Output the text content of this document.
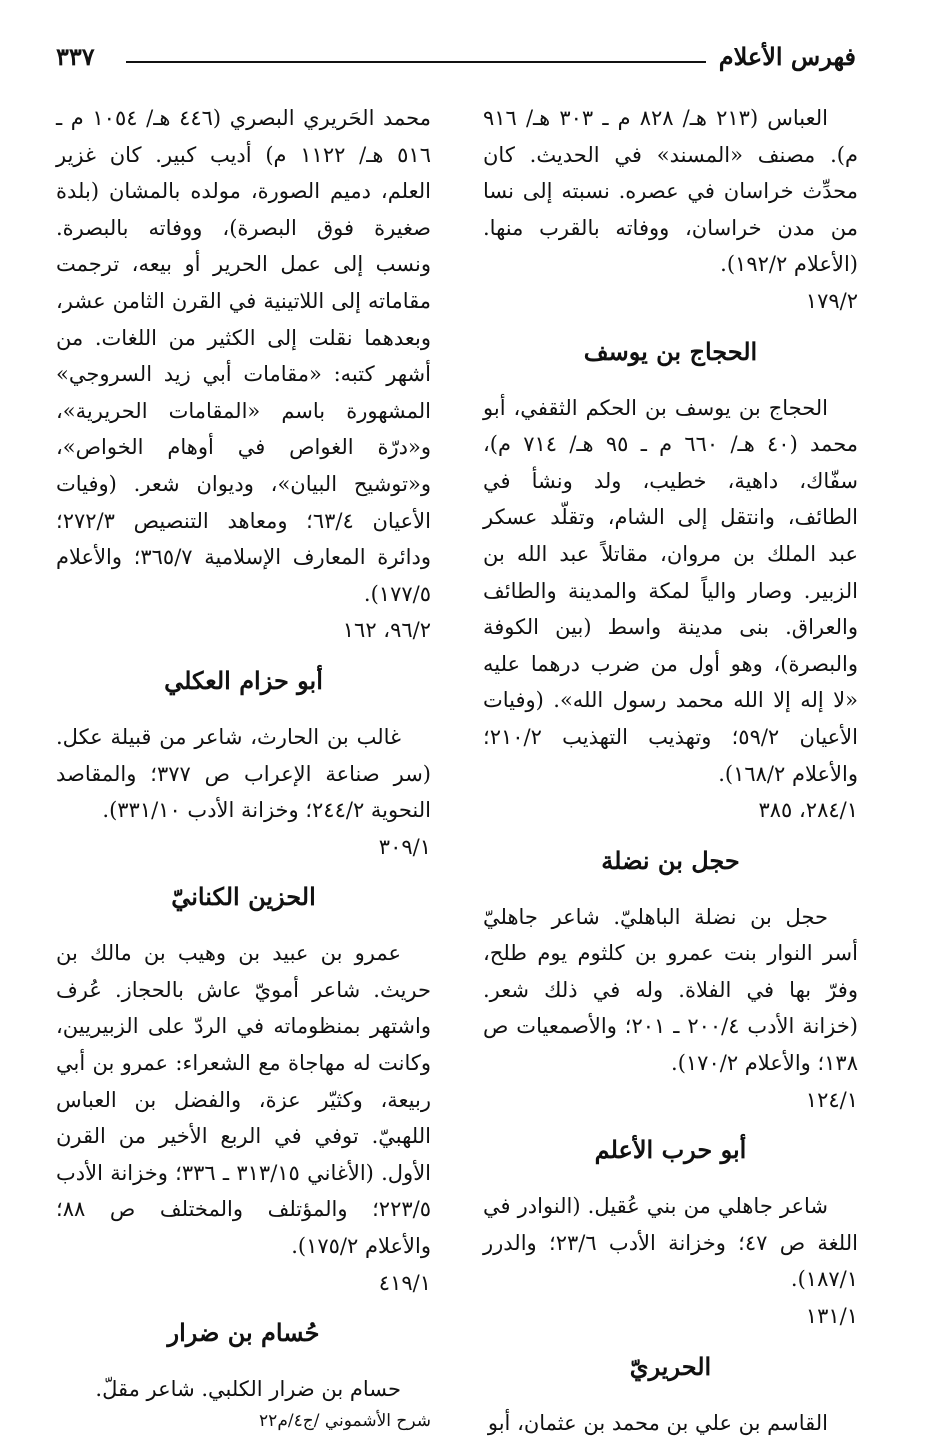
فهرس الأعلام
٣٣٧

العباس (٢١٣ هـ/ ٨٢٨ م ـ ٣٠٣ هـ/ ٩١٦ م). مصنف «المسند» في الحديث. كان محدِّث خراسان في عصره. نسبته إلى نسا من مدن خراسان، ووفاته بالقرب منها. (الأعلام ١٩٢/٢).

١٧٩/٢

الحجاج بن يوسف

الحجاج بن يوسف بن الحكم الثقفي، أبو محمد (٤٠ هـ/ ٦٦٠ م ـ ٩٥ هـ/ ٧١٤ م)، سفّاك، داهية، خطيب، ولد ونشأ في الطائف، وانتقل إلى الشام، وتقلّد عسكر عبد الملك بن مروان، مقاتلاً عبد الله بن الزبير. وصار والياً لمكة والمدينة والطائف والعراق. بنى مدينة واسط (بين الكوفة والبصرة)، وهو أول من ضرب درهما عليه «لا إله إلا الله محمد رسول الله». (وفيات الأعيان ٥٩/٢؛ وتهذيب التهذيب ٢١٠/٢؛ والأعلام ١٦٨/٢).

٢٨٤/١، ٣٨٥

حجل بن نضلة

حجل بن نضلة الباهليّ. شاعر جاهليّ أسر النوار بنت عمرو بن كلثوم يوم طلح، وفرّ بها في الفلاة. وله في ذلك شعر. (خزانة الأدب ٢٠٠/٤ ـ ٢٠١؛ والأصمعيات ص ١٣٨؛ والأعلام ١٧٠/٢).

١٢٤/١

أبو حرب الأعلم

شاعر جاهلي من بني عُقيل. (النوادر في اللغة ص ٤٧؛ وخزانة الأدب ٢٣/٦؛ والدرر ١٨٧/١).

١٣١/١

الحريريّ

القاسم بن علي بن محمد بن عثمان، أبو

محمد الحَريري البصري (٤٤٦ هـ/ ١٠٥٤ م ـ ٥١٦ هـ/ ١١٢٢ م) أديب كبير. كان غزير العلم، دميم الصورة، مولده بالمشان (بلدة صغيرة فوق البصرة)، ووفاته بالبصرة. ونسب إلى عمل الحرير أو بيعه، ترجمت مقاماته إلى اللاتينية في القرن الثامن عشر، وبعدهما نقلت إلى الكثير من اللغات. من أشهر كتبه: «مقامات أبي زيد السروجي» المشهورة باسم «المقامات الحريرية»، و«درّة الغواص في أوهام الخواص»، و«توشيح البيان»، وديوان شعر. (وفيات الأعيان ٦٣/٤؛ ومعاهد التنصيص ٢٧٢/٣؛ ودائرة المعارف الإسلامية ٣٦٥/٧؛ والأعلام ١٧٧/٥).

٩٦/٢، ١٦٢

أبو حزام العكلي

غالب بن الحارث، شاعر من قبيلة عكل. (سر صناعة الإعراب ص ٣٧٧؛ والمقاصد النحوية ٢٤٤/٢؛ وخزانة الأدب ٣٣١/١٠).

٣٠٩/١

الحزين الكنانيّ

عمرو بن عبيد بن وهيب بن مالك بن حريث. شاعر أمويّ عاش بالحجاز. عُرف واشتهر بمنظوماته في الردّ على الزبيريين، وكانت له مهاجاة مع الشعراء: عمرو بن أبي ربيعة، وكثيّر عزة، والفضل بن العباس اللهبيّ. توفي في الربع الأخير من القرن الأول. (الأغاني ٣١٣/١٥ ـ ٣٣٦؛ وخزانة الأدب ٢٢٣/٥؛ والمؤتلف والمختلف ص ٨٨؛ والأعلام ١٧٥/٢).

٤١٩/١

حُسام بن ضرار

حسام بن ضرار الكلبي. شاعر مقلّ.

شرح الأشموني /ج٤/م٢٢
